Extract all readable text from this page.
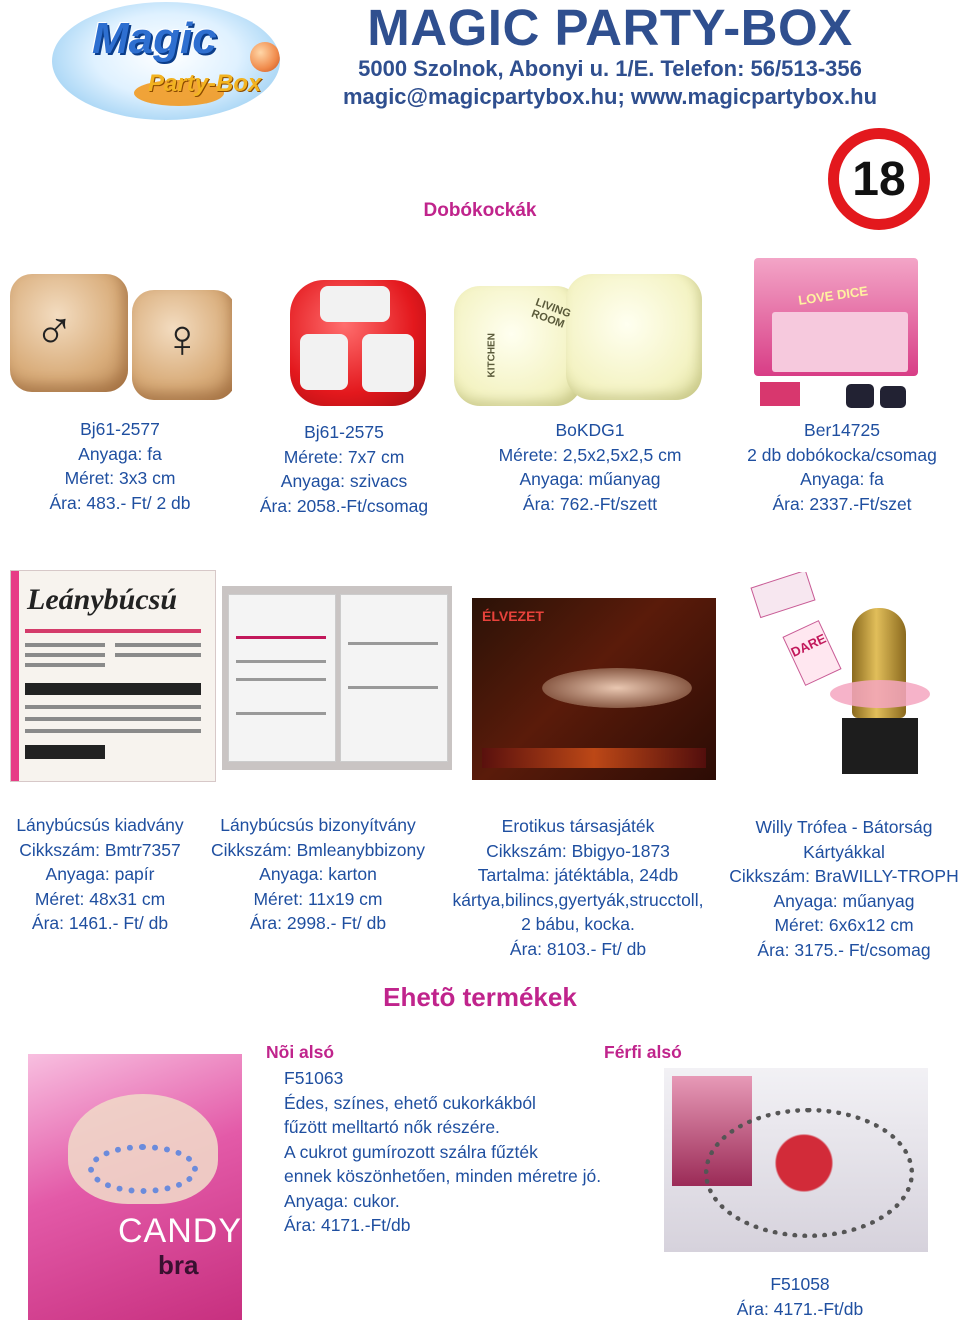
Magic
Party-Box
MAGIC PARTY-BOX
5000 Szolnok, Abonyi u. 1/E. Telefon: 56/513-356
magic@magicpartybox.hu; www.magicpartybox.hu
18
Dobókockák
♂ ♀
LIVING ROOM
KITCHEN
LOVE DICE
Bj61-2577
Anyaga: fa
Méret: 3x3 cm
Ára: 483.- Ft/ 2 db
Bj61-2575
Mérete: 7x7 cm
Anyaga: szivacs
Ára: 2058.-Ft/csomag
BoKDG1
Mérete: 2,5x2,5x2,5 cm
Anyaga: műanyag
Ára: 762.-Ft/szett
Ber14725
2 db dobókocka/csomag
Anyaga: fa
Ára: 2337.-Ft/szet
Leánybúcsú	ÉLVEZET
DARE
Lánybúcsús kiadvány
Cikkszám: Bmtr7357
Anyaga: papír
Méret: 48x31 cm
Ára: 1461.- Ft/ db
Lánybúcsús bizonyítvány
Cikkszám: Bmleanybbizony
Anyaga: karton
Méret: 11x19 cm
Ára: 2998.- Ft/ db
Erotikus társasjáték
Cikkszám: Bbigyo-1873
Tartalma: játéktábla, 24db
kártya,bilincs,gyertyák,strucctoll,
2 bábu, kocka.
Ára: 8103.- Ft/ db
Willy Trófea - Bátorság
Kártyákkal
Cikkszám: BraWILLY-TROPH
Anyaga: műanyag
Méret: 6x6x12 cm
Ára: 3175.- Ft/csomag
Ehetõ termékek
CANDY
bra
Nõi alsó	Férfi alsó
F51063
Édes, színes, ehető cukorkákból
fűzött melltartó nők részére.
A cukrot gumírozott szálra fűzték
ennek köszönhetően, minden méretre jó.
Anyaga: cukor.
Ára: 4171.-Ft/db
F51058
Ára: 4171.-Ft/db
